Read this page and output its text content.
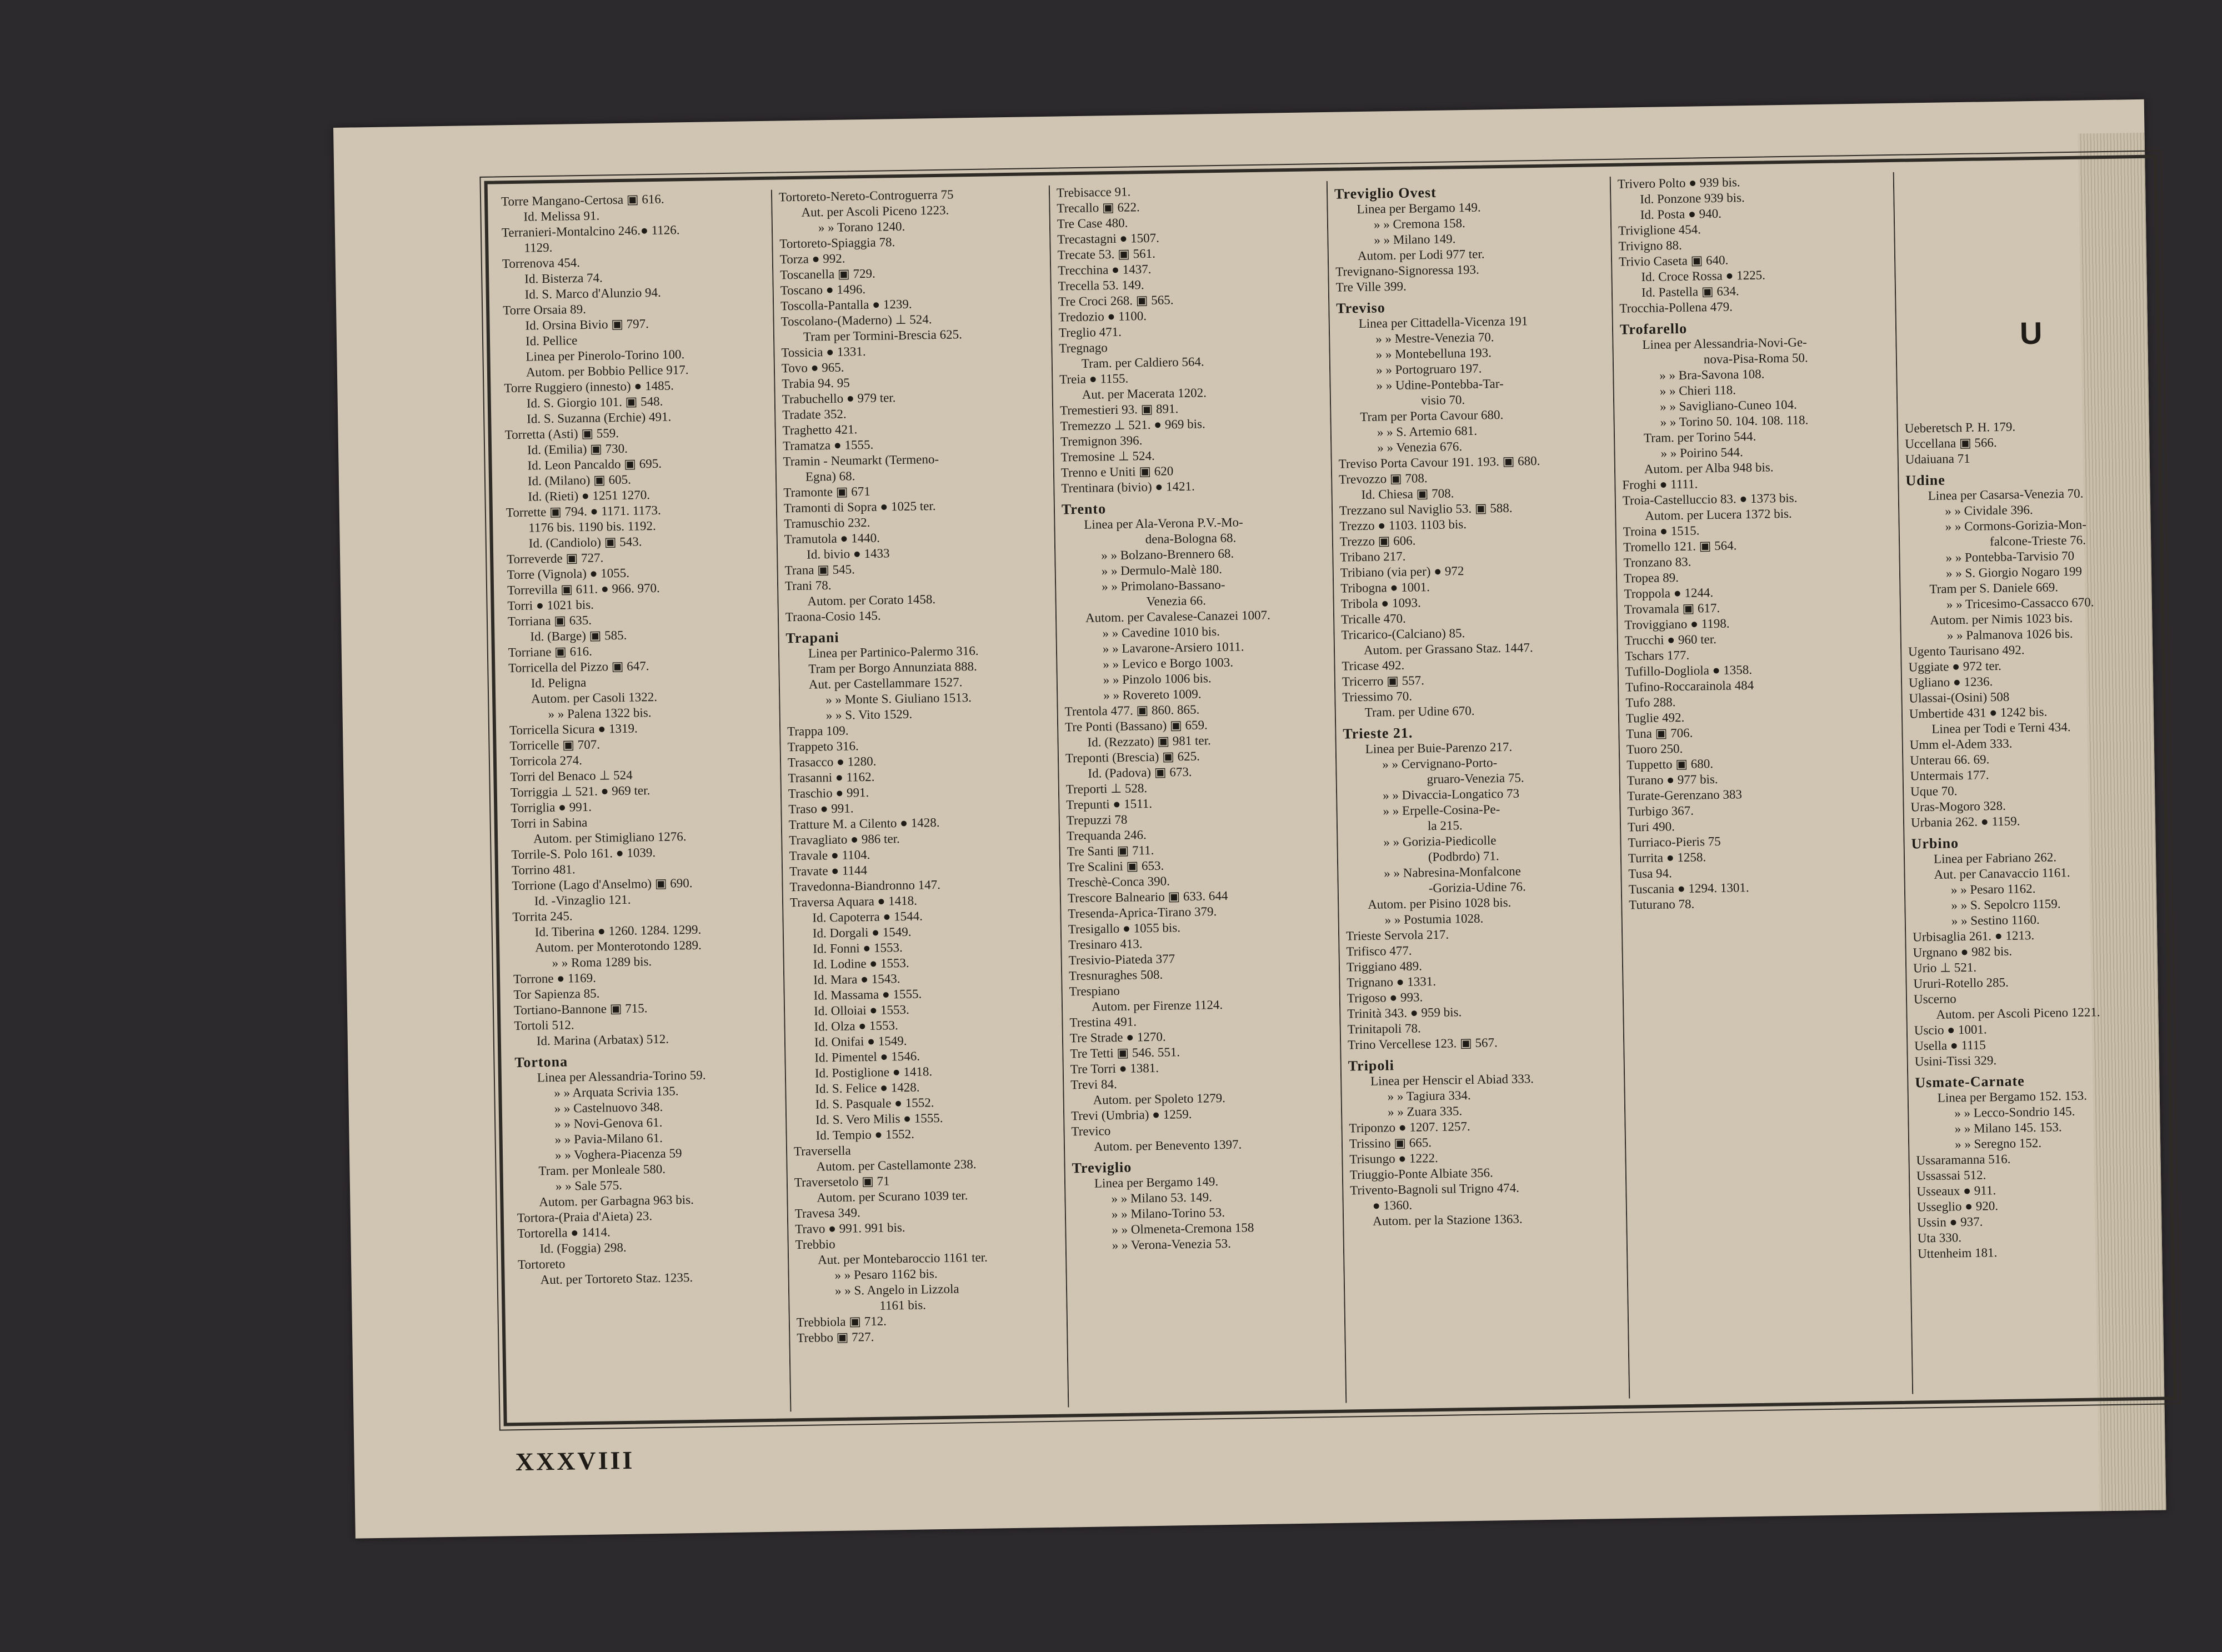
Torre Mangano-Certosa ▣ 616.
Id. Melissa 91.
Terranieri-Montalcino 246.● 1126.
1129.
Torrenova 454.
Id. Bisterza 74.
Id. S. Marco d'Alunzio 94.
Torre Orsaia 89.
Id. Orsina Bivio ▣ 797.
Id. Pellice
Linea per Pinerolo-Torino 100.
Autom. per Bobbio Pellice 917.
Torre Ruggiero (innesto) ● 1485.
Id. S. Giorgio 101. ▣ 548.
Id. S. Suzanna (Erchie) 491.
Torretta (Asti) ▣ 559.
Id. (Emilia) ▣ 730.
Id. Leon Pancaldo ▣ 695.
Id. (Milano) ▣ 605.
Id. (Rieti) ● 1251 1270.
Torrette ▣ 794. ● 1171. 1173.
1176 bis. 1190 bis. 1192.
Id. (Candiolo) ▣ 543.
Torreverde ▣ 727.
Torre (Vignola) ● 1055.
Torrevilla ▣ 611. ● 966. 970.
Torri ● 1021 bis.
Torriana ▣ 635.
Id. (Barge) ▣ 585.
Torriane ▣ 616.
Torricella del Pizzo ▣ 647.
Id. Peligna
Autom. per Casoli 1322.
» » Palena 1322 bis.
Torricella Sicura ● 1319.
Torricelle ▣ 707.
Torricola 274.
Torri del Benaco ⊥ 524
Torriggia ⊥ 521. ● 969 ter.
Torriglia ● 991.
Torri in Sabina
Autom. per Stimigliano 1276.
Torrile-S. Polo 161. ● 1039.
Torrino 481.
Torrione (Lago d'Anselmo) ▣ 690.
Id. -Vinzaglio 121.
Torrita 245.
Id. Tiberina ● 1260. 1284. 1299.
Autom. per Monterotondo 1289.
» » Roma 1289 bis.
Torrone ● 1169.
Tor Sapienza 85.
Tortiano-Bannone ▣ 715.
Tortoli 512.
Id. Marina (Arbatax) 512.
Tortona
Linea per Alessandria-Torino 59.
» » Arquata Scrivia 135.
» » Castelnuovo 348.
» » Novi-Genova 61.
» » Pavia-Milano 61.
» » Voghera-Piacenza 59
Tram. per Monleale 580.
» » Sale 575.
Autom. per Garbagna 963 bis.
Tortora-(Praia d'Aieta) 23.
Tortorella ● 1414.
Id. (Foggia) 298.
Tortoreto
Aut. per Tortoreto Staz. 1235.
Tortoreto-Nereto-Controguerra 75
Aut. per Ascoli Piceno 1223.
» » Torano 1240.
Tortoreto-Spiaggia 78.
Torza ● 992.
Toscanella ▣ 729.
Toscano ● 1496.
Toscolla-Pantalla ● 1239.
Toscolano-(Maderno) ⊥ 524.
Tram per Tormini-Brescia 625.
Tossicia ● 1331.
Tovo ● 965.
Trabia 94. 95
Trabuchello ● 979 ter.
Tradate 352.
Traghetto 421.
Tramatza ● 1555.
Tramin - Neumarkt (Termeno-
Egna) 68.
Tramonte ▣ 671
Tramonti di Sopra ● 1025 ter.
Tramuschio 232.
Tramutola ● 1440.
Id. bivio ● 1433
Trana ▣ 545.
Trani 78.
Autom. per Corato 1458.
Traona-Cosio 145.
Trapani
Linea per Partinico-Palermo 316.
Tram per Borgo Annunziata 888.
Aut. per Castellammare 1527.
» » Monte S. Giuliano 1513.
» » S. Vito 1529.
Trappa 109.
Trappeto 316.
Trasacco ● 1280.
Trasanni ● 1162.
Traschio ● 991.
Traso ● 991.
Tratture M. a Cilento ● 1428.
Travagliato ● 986 ter.
Travale ● 1104.
Travate ● 1144
Travedonna-Biandronno 147.
Traversa Aquara ● 1418.
Id. Capoterra ● 1544.
Id. Dorgali ● 1549.
Id. Fonni ● 1553.
Id. Lodine ● 1553.
Id. Mara ● 1543.
Id. Massama ● 1555.
Id. Olloiai ● 1553.
Id. Olza ● 1553.
Id. Onifai ● 1549.
Id. Pimentel ● 1546.
Id. Postiglione ● 1418.
Id. S. Felice ● 1428.
Id. S. Pasquale ● 1552.
Id. S. Vero Milis ● 1555.
Id. Tempio ● 1552.
Traversella
Autom. per Castellamonte 238.
Traversetolo ▣ 71
Autom. per Scurano 1039 ter.
Travesa 349.
Travo ● 991. 991 bis.
Trebbio
Aut. per Montebaroccio 1161 ter.
» » Pesaro 1162 bis.
» » S. Angelo in Lizzola
1161 bis.
Trebbiola ▣ 712.
Trebbo ▣ 727.
Trebisacce 91.
Trecallo ▣ 622.
Tre Case 480.
Trecastagni ● 1507.
Trecate 53. ▣ 561.
Trecchina ● 1437.
Trecella 53. 149.
Tre Croci 268. ▣ 565.
Tredozio ● 1100.
Treglio 471.
Tregnago
Tram. per Caldiero 564.
Treia ● 1155.
Aut. per Macerata 1202.
Tremestieri 93. ▣ 891.
Tremezzo ⊥ 521. ● 969 bis.
Tremignon 396.
Tremosine ⊥ 524.
Trenno e Uniti ▣ 620
Trentinara (bivio) ● 1421.
Trento
Linea per Ala-Verona P.V.-Mo-
dena-Bologna 68.
» » Bolzano-Brennero 68.
» » Dermulo-Malè 180.
» » Primolano-Bassano-
Venezia 66.
Autom. per Cavalese-Canazei 1007.
» » Cavedine 1010 bis.
» » Lavarone-Arsiero 1011.
» » Levico e Borgo 1003.
» » Pinzolo 1006 bis.
» » Rovereto 1009.
Trentola 477. ▣ 860. 865.
Tre Ponti (Bassano) ▣ 659.
Id. (Rezzato) ▣ 981 ter.
Treponti (Brescia) ▣ 625.
Id. (Padova) ▣ 673.
Treporti ⊥ 528.
Trepunti ● 1511.
Trepuzzi 78
Trequanda 246.
Tre Santi ▣ 711.
Tre Scalini ▣ 653.
Treschè-Conca 390.
Trescore Balneario ▣ 633. 644
Tresenda-Aprica-Tirano 379.
Tresigallo ● 1055 bis.
Tresinaro 413.
Tresivio-Piateda 377
Tresnuraghes 508.
Trespiano
Autom. per Firenze 1124.
Trestina 491.
Tre Strade ● 1270.
Tre Tetti ▣ 546. 551.
Tre Torri ● 1381.
Trevi 84.
Autom. per Spoleto 1279.
Trevi (Umbria) ● 1259.
Trevico
Autom. per Benevento 1397.
Treviglio
Linea per Bergamo 149.
» » Milano 53. 149.
» » Milano-Torino 53.
» » Olmeneta-Cremona 158
» » Verona-Venezia 53.
Treviglio Ovest
Linea per Bergamo 149.
» » Cremona 158.
» » Milano 149.
Autom. per Lodi 977 ter.
Trevignano-Signoressa 193.
Tre Ville 399.
Treviso
Linea per Cittadella-Vicenza 191
» » Mestre-Venezia 70.
» » Montebelluna 193.
» » Portogruaro 197.
» » Udine-Pontebba-Tar-
visio 70.
Tram per Porta Cavour 680.
» » S. Artemio 681.
» » Venezia 676.
Treviso Porta Cavour 191. 193. ▣ 680.
Trevozzo ▣ 708.
Id. Chiesa ▣ 708.
Trezzano sul Naviglio 53. ▣ 588.
Trezzo ● 1103. 1103 bis.
Trezzo ▣ 606.
Tribano 217.
Tribiano (via per) ● 972
Tribogna ● 1001.
Tribola ● 1093.
Tricalle 470.
Tricarico-(Calciano) 85.
Autom. per Grassano Staz. 1447.
Tricase 492.
Tricerro ▣ 557.
Triessimo 70.
Tram. per Udine 670.
Trieste 21.
Linea per Buie-Parenzo 217.
» » Cervignano-Porto-
gruaro-Venezia 75.
» » Divaccia-Longatico 73
» » Erpelle-Cosina-Pe-
la 215.
» » Gorizia-Piedicolle
(Podbrdo) 71.
» » Nabresina-Monfalcone
-Gorizia-Udine 76.
Autom. per Pisino 1028 bis.
» » Postumia 1028.
Trieste Servola 217.
Trifisco 477.
Triggiano 489.
Trignano ● 1331.
Trigoso ● 993.
Trinità 343. ● 959 bis.
Trinitapoli 78.
Trino Vercellese 123. ▣ 567.
Tripoli
Linea per Henscir el Abiad 333.
» » Tagiura 334.
» » Zuara 335.
Triponzo ● 1207. 1257.
Trissino ▣ 665.
Trisungo ● 1222.
Triuggio-Ponte Albiate 356.
Trivento-Bagnoli sul Trigno 474.
● 1360.
Autom. per la Stazione 1363.
Trivero Polto ● 939 bis.
Id. Ponzone 939 bis.
Id. Posta ● 940.
Triviglione 454.
Trivigno 88.
Trivio Caseta ▣ 640.
Id. Croce Rossa ● 1225.
Id. Pastella ▣ 634.
Trocchia-Pollena 479.
Trofarello
Linea per Alessandria-Novi-Ge-
nova-Pisa-Roma 50.
» » Bra-Savona 108.
» » Chieri 118.
» » Savigliano-Cuneo 104.
» » Torino 50. 104. 108. 118.
Tram. per Torino 544.
» » Poirino 544.
Autom. per Alba 948 bis.
Froghi ● 1111.
Troia-Castelluccio 83. ● 1373 bis.
Autom. per Lucera 1372 bis.
Troina ● 1515.
Tromello 121. ▣ 564.
Tronzano 83.
Tropea 89.
Troppola ● 1244.
Trovamala ▣ 617.
Troviggiano ● 1198.
Trucchi ● 960 ter.
Tschars 177.
Tufillo-Dogliola ● 1358.
Tufino-Roccarainola 484
Tufo 288.
Tuglie 492.
Tuna ▣ 706.
Tuoro 250.
Tuppetto ▣ 680.
Turano ● 977 bis.
Turate-Gerenzano 383
Turbigo 367.
Turi 490.
Turriaco-Pieris 75
Turrita ● 1258.
Tusa 94.
Tuscania ● 1294. 1301.
Tuturano 78.
U
Ueberetsch P. H. 179.
Uccellana ▣ 566.
Udaiuana 71
Udine
Linea per Casarsa-Venezia 70.
» » Cividale 396.
» » Cormons-Gorizia-Mon-
falcone-Trieste 76.
» » Pontebba-Tarvisio 70
» » S. Giorgio Nogaro 199
Tram per S. Daniele 669.
» » Tricesimo-Cassacco 670.
Autom. per Nimis 1023 bis.
» » Palmanova 1026 bis.
Ugento Taurisano 492.
Uggiate ● 972 ter.
Ugliano ● 1236.
Ulassai-(Osini) 508
Umbertide 431 ● 1242 bis.
Linea per Todi e Terni 434.
Umm el-Adem 333.
Unterau 66. 69.
Untermais 177.
Uque 70.
Uras-Mogoro 328.
Urbania 262. ● 1159.
Urbino
Linea per Fabriano 262.
Aut. per Canavaccio 1161.
» » Pesaro 1162.
» » S. Sepolcro 1159.
» » Sestino 1160.
Urbisaglia 261. ● 1213.
Urgnano ● 982 bis.
Urio ⊥ 521.
Ururi-Rotello 285.
Uscerno
Autom. per Ascoli Piceno 1221.
Uscio ● 1001.
Usella ● 1115
Usini-Tissi 329.
Usmate-Carnate
Linea per Bergamo 152. 153.
» » Lecco-Sondrio 145.
» » Milano 145. 153.
» » Seregno 152.
Ussaramanna 516.
Ussassai 512.
Usseaux ● 911.
Usseglio ● 920.
Ussin ● 937.
Uta 330.
Uttenheim 181.
XXXVIII
